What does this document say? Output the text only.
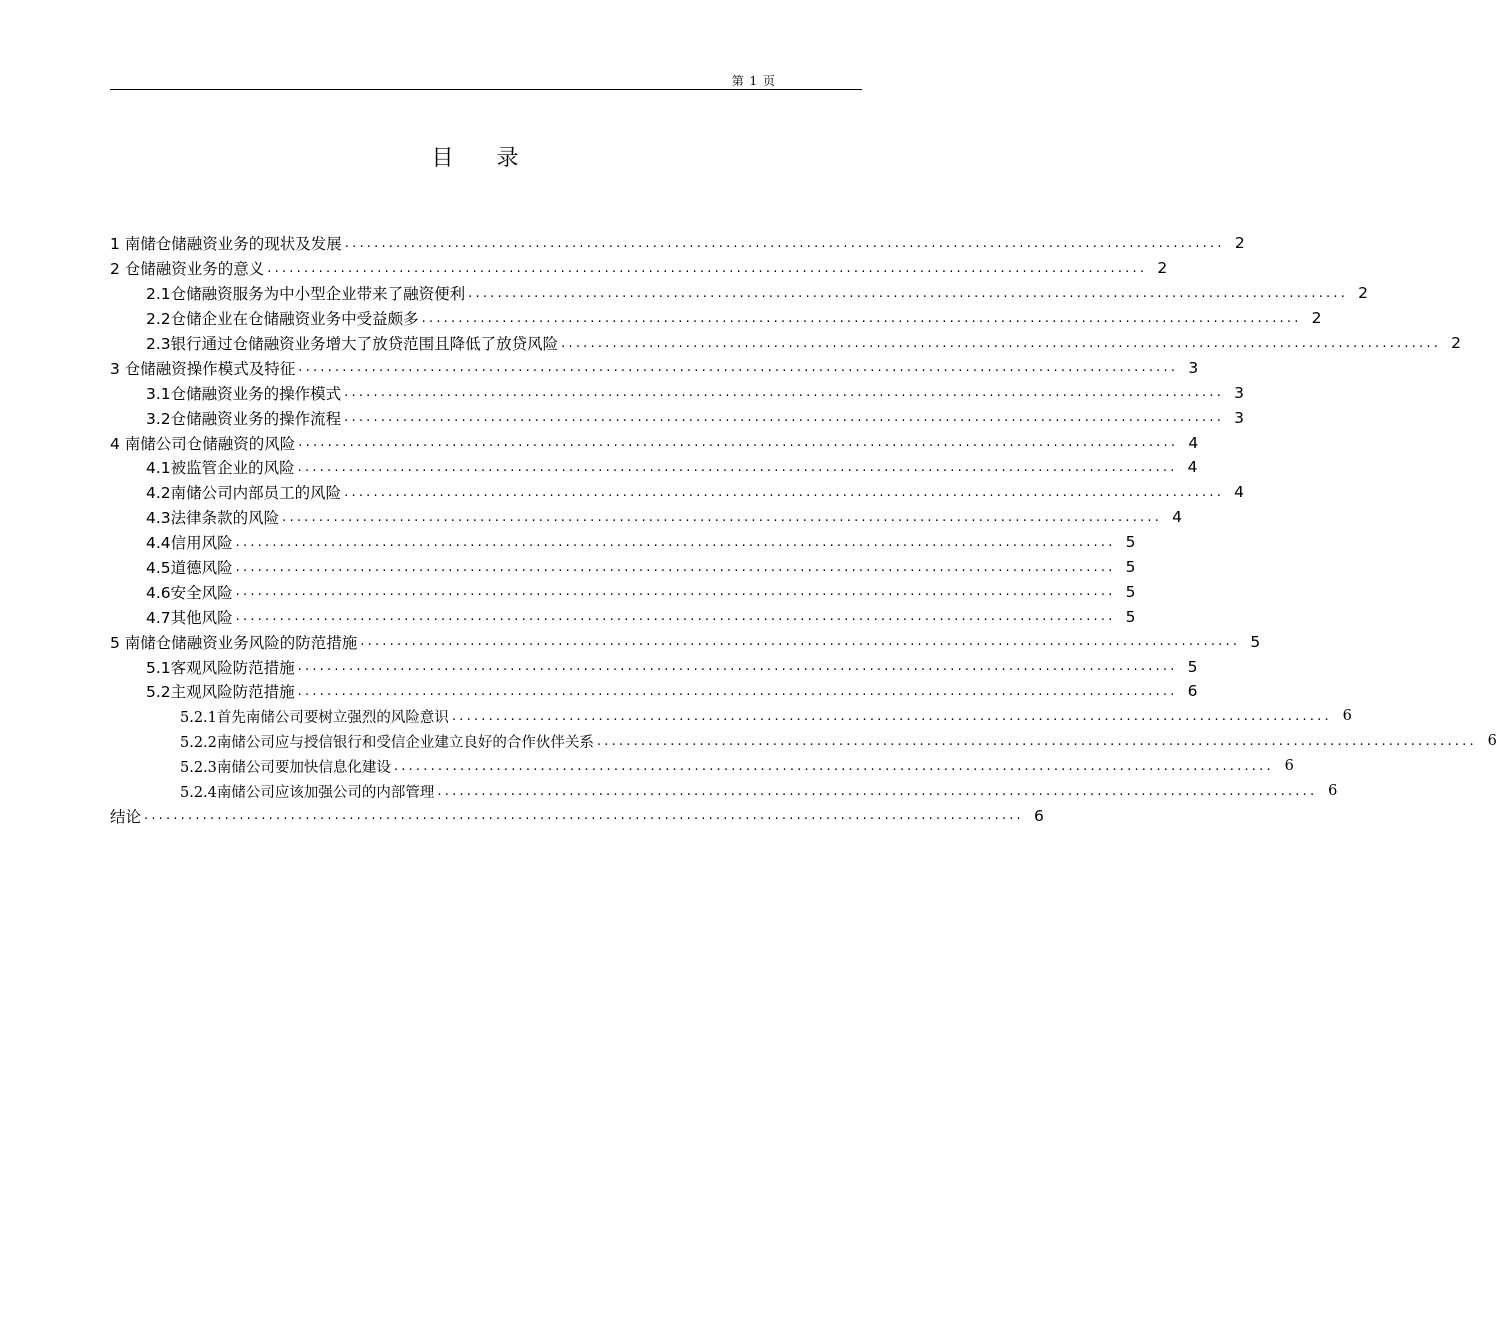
第 1 页
目 录
1 南储仓储融资业务的现状及发展 ........................................................................................................................ 2
2 仓储融资业务的意义 ........................................................................................................................ 2
2.1仓储融资服务为中小型企业带来了融资便利 ........................................................................................................................ 2
2.2仓储企业在仓储融资业务中受益颇多 ........................................................................................................................ 2
2.3银行通过仓储融资业务增大了放贷范围且降低了放贷风险 ........................................................................................................................ 2
3 仓储融资操作模式及特征 ........................................................................................................................ 3
3.1仓储融资业务的操作模式 ........................................................................................................................ 3
3.2仓储融资业务的操作流程 ........................................................................................................................ 3
4 南储公司仓储融资的风险 ........................................................................................................................ 4
4.1被监管企业的风险 ........................................................................................................................ 4
4.2南储公司内部员工的风险 ........................................................................................................................ 4
4.3法律条款的风险 ........................................................................................................................ 4
4.4信用风险 ........................................................................................................................ 5
4.5道德风险 ........................................................................................................................ 5
4.6安全风险 ........................................................................................................................ 5
4.7其他风险 ........................................................................................................................ 5
5 南储仓储融资业务风险的防范措施 ........................................................................................................................ 5
5.1客观风险防范措施 ........................................................................................................................ 5
5.2主观风险防范措施 ........................................................................................................................ 6
5.2.1首先南储公司要树立强烈的风险意识 ........................................................................................................................ 6
5.2.2南储公司应与授信银行和受信企业建立良好的合作伙伴关系 ........................................................................................................................ 6
5.2.3南储公司要加快信息化建设 ........................................................................................................................ 6
5.2.4南储公司应该加强公司的内部管理 ........................................................................................................................ 6
结论 ........................................................................................................................ 6
